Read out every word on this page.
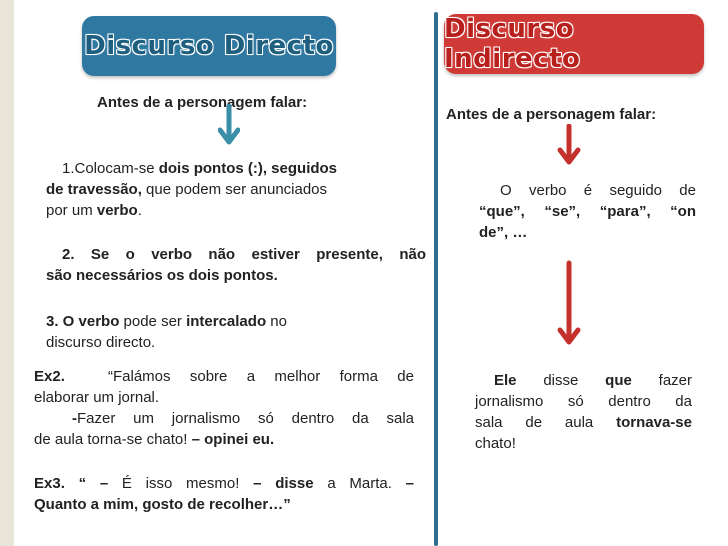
Discurso Directo
Antes de a personagem falar:
1.Colocam-se dois pontos (:), seguidos
de travessão, que podem ser anunciados
por um verbo.
2. Se o verbo não estiver presente, não
são necessários os dois pontos.
3. O verbo pode ser intercalado no
discurso directo.
Ex2.	“Falámos sobre a melhor forma de
elaborar um jornal.
-Fazer um jornalismo só dentro da sala
de aula torna-se chato! – opinei eu.
Ex3. “ – É isso mesmo! – disse a Marta. –
Quanto a mim, gosto de recolher…”
Discurso Indirecto
Antes de a personagem falar:
O verbo é seguido de
“que”, “se”, “para”, “on
de”, …
Ele disse que fazer
jornalismo só dentro da
sala de aula tornava-se
chato!
